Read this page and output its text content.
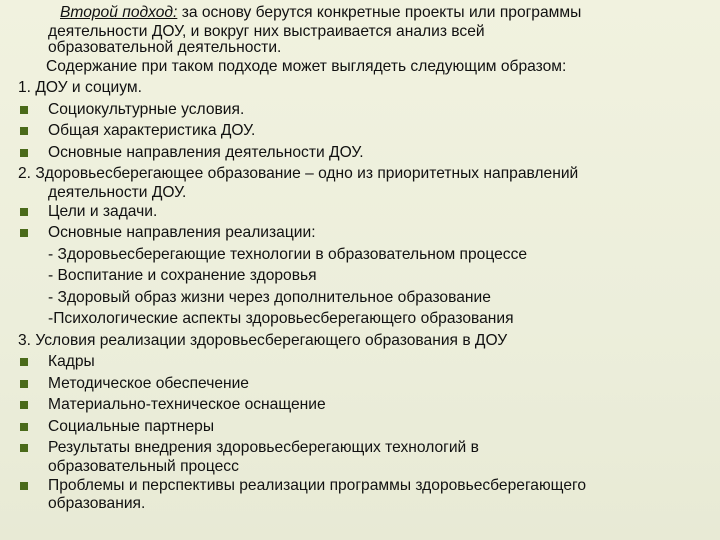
Второй подход: за основу берутся конкретные проекты или программы
деятельности ДОУ, и вокруг них выстраивается анализ всей
образовательной деятельности.
Содержание при таком подходе может выглядеть следующим образом:
1. ДОУ и социум.
Социокультурные условия.
Общая характеристика ДОУ.
Основные направления деятельности ДОУ.
2. Здоровьесберегающее образование – одно из приоритетных направлений
деятельности ДОУ.
Цели и задачи.
Основные направления реализации:
- Здоровьесберегающие технологии в образовательном процессе
- Воспитание и сохранение здоровья
- Здоровый образ жизни через дополнительное образование
-Психологические аспекты здоровьесберегающего образования
3. Условия реализации здоровьесберегающего образования в ДОУ
Кадры
Методическое обеспечение
Материально-техническое оснащение
Социальные партнеры
Результаты внедрения здоровьесберегающих технологий в
образовательный процесс
Проблемы и перспективы реализации программы здоровьесберегающего
образования.
